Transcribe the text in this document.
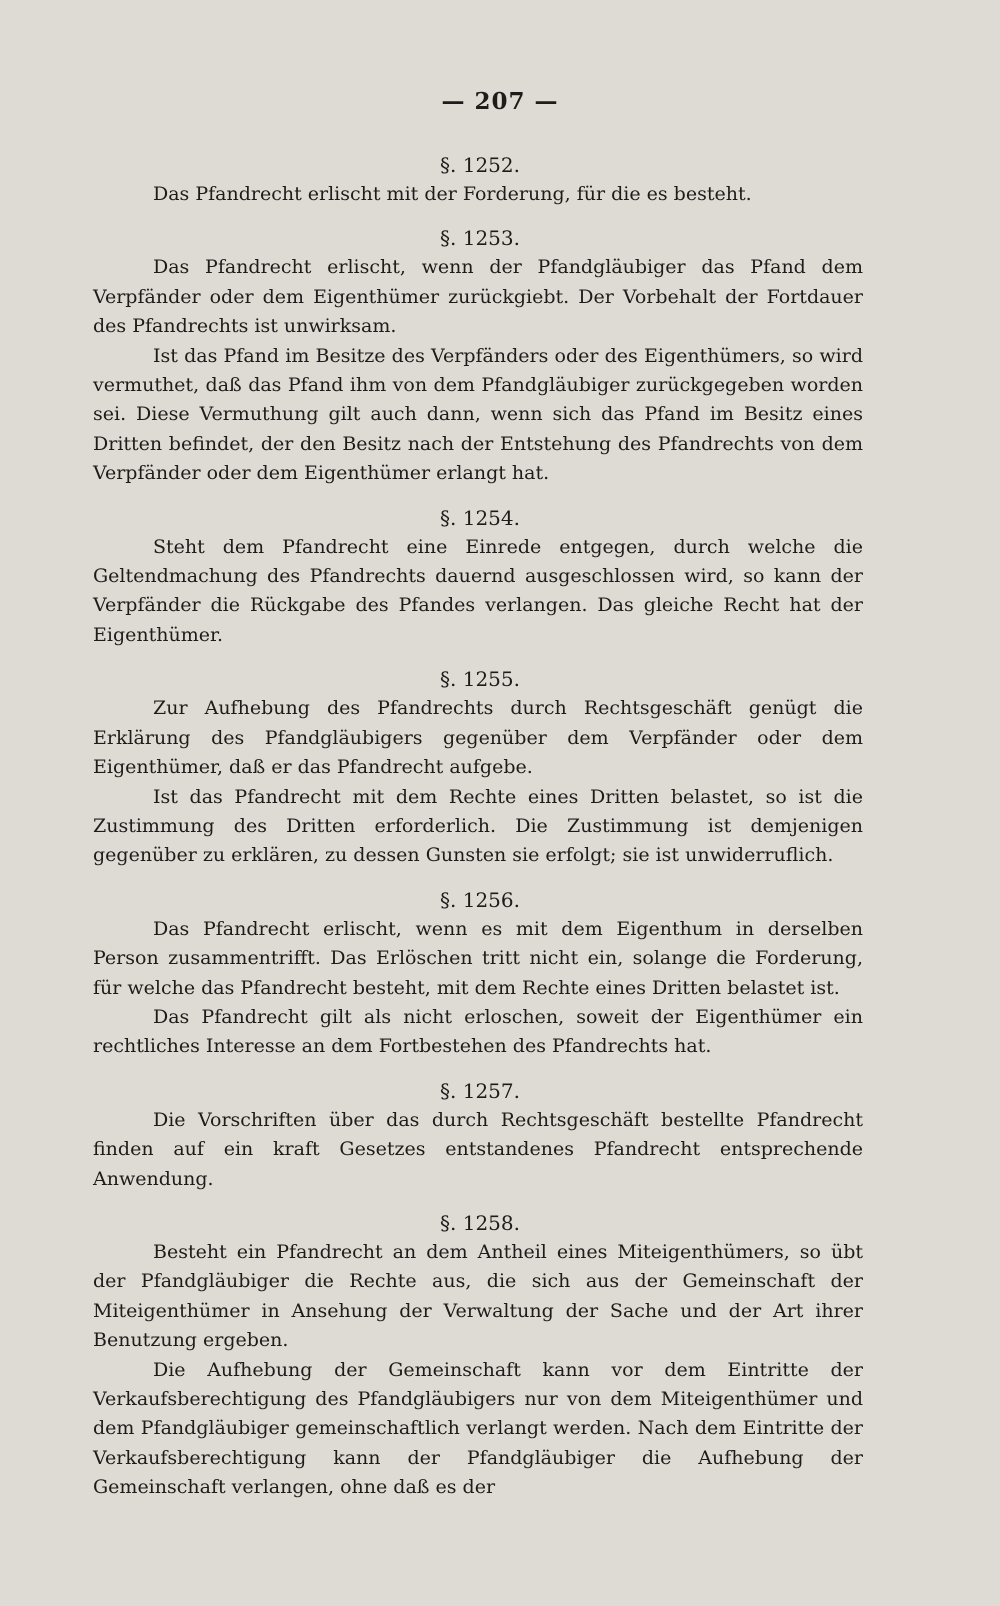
— 207 —

§. 1252.

Das Pfandrecht erlischt mit der Forderung, für die es besteht.

§. 1253.

Das Pfandrecht erlischt, wenn der Pfandgläubiger das Pfand dem Verpfänder oder dem Eigenthümer zurückgiebt. Der Vorbehalt der Fortdauer des Pfandrechts ist unwirksam.

Ist das Pfand im Besitze des Verpfänders oder des Eigenthümers, so wird vermuthet, daß das Pfand ihm von dem Pfandgläubiger zurückgegeben worden sei. Diese Vermuthung gilt auch dann, wenn sich das Pfand im Besitz eines Dritten befindet, der den Besitz nach der Entstehung des Pfandrechts von dem Verpfänder oder dem Eigenthümer erlangt hat.

§. 1254.

Steht dem Pfandrecht eine Einrede entgegen, durch welche die Geltendmachung des Pfandrechts dauernd ausgeschlossen wird, so kann der Verpfänder die Rückgabe des Pfandes verlangen. Das gleiche Recht hat der Eigenthümer.

§. 1255.

Zur Aufhebung des Pfandrechts durch Rechtsgeschäft genügt die Erklärung des Pfandgläubigers gegenüber dem Verpfänder oder dem Eigenthümer, daß er das Pfandrecht aufgebe.

Ist das Pfandrecht mit dem Rechte eines Dritten belastet, so ist die Zustimmung des Dritten erforderlich. Die Zustimmung ist demjenigen gegenüber zu erklären, zu dessen Gunsten sie erfolgt; sie ist unwiderruflich.

§. 1256.

Das Pfandrecht erlischt, wenn es mit dem Eigenthum in derselben Person zusammentrifft. Das Erlöschen tritt nicht ein, solange die Forderung, für welche das Pfandrecht besteht, mit dem Rechte eines Dritten belastet ist.

Das Pfandrecht gilt als nicht erloschen, soweit der Eigenthümer ein rechtliches Interesse an dem Fortbestehen des Pfandrechts hat.

§. 1257.

Die Vorschriften über das durch Rechtsgeschäft bestellte Pfandrecht finden auf ein kraft Gesetzes entstandenes Pfandrecht entsprechende Anwendung.

§. 1258.

Besteht ein Pfandrecht an dem Antheil eines Miteigenthümers, so übt der Pfandgläubiger die Rechte aus, die sich aus der Gemeinschaft der Miteigenthümer in Ansehung der Verwaltung der Sache und der Art ihrer Benutzung ergeben.

Die Aufhebung der Gemeinschaft kann vor dem Eintritte der Verkaufsberechtigung des Pfandgläubigers nur von dem Miteigenthümer und dem Pfandgläubiger gemeinschaftlich verlangt werden. Nach dem Eintritte der Verkaufsberechtigung kann der Pfandgläubiger die Aufhebung der Gemeinschaft verlangen, ohne daß es der
